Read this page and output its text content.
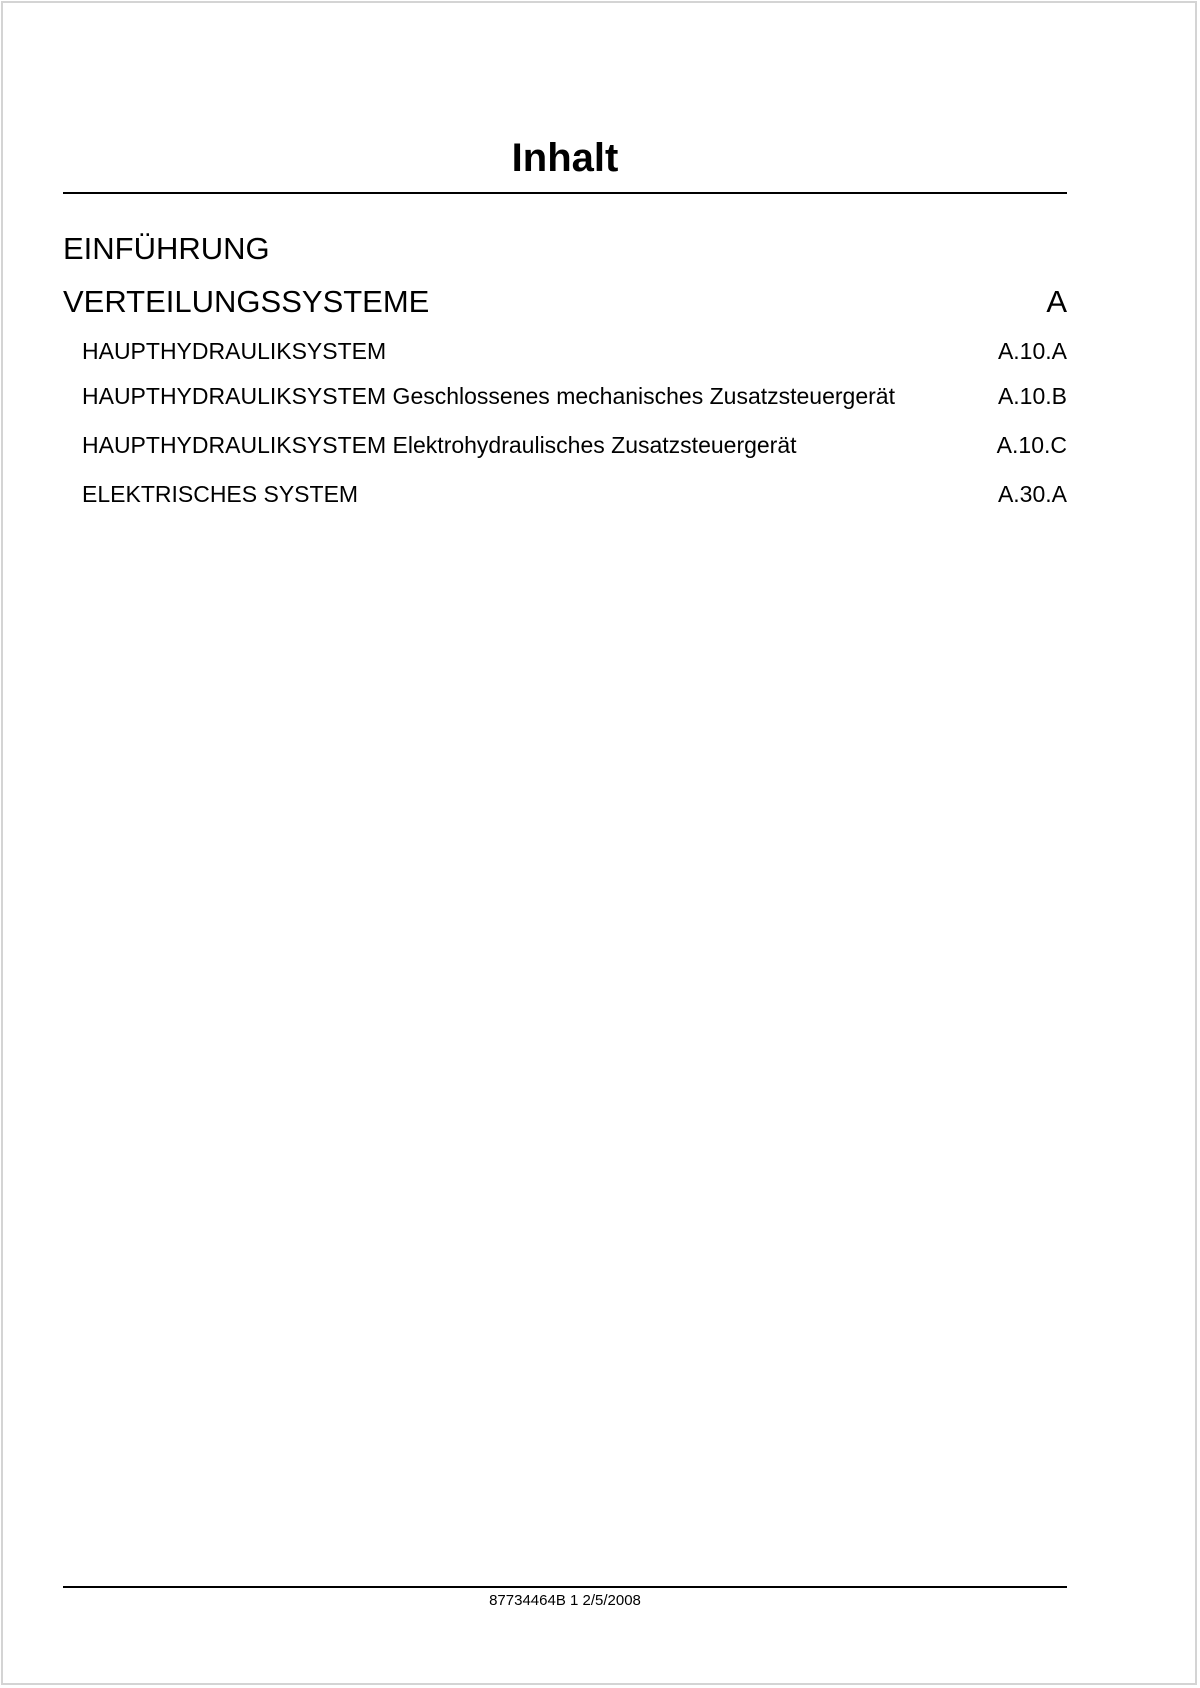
Inhalt
EINFÜHRUNG
VERTEILUNGSSYSTEME	A
HAUPTHYDRAULIKSYSTEM	A.10.A
HAUPTHYDRAULIKSYSTEM Geschlossenes mechanisches Zusatzsteuergerät	A.10.B
HAUPTHYDRAULIKSYSTEM Elektrohydraulisches Zusatzsteuergerät	A.10.C
ELEKTRISCHES SYSTEM	A.30.A
87734464B 1 2/5/2008
